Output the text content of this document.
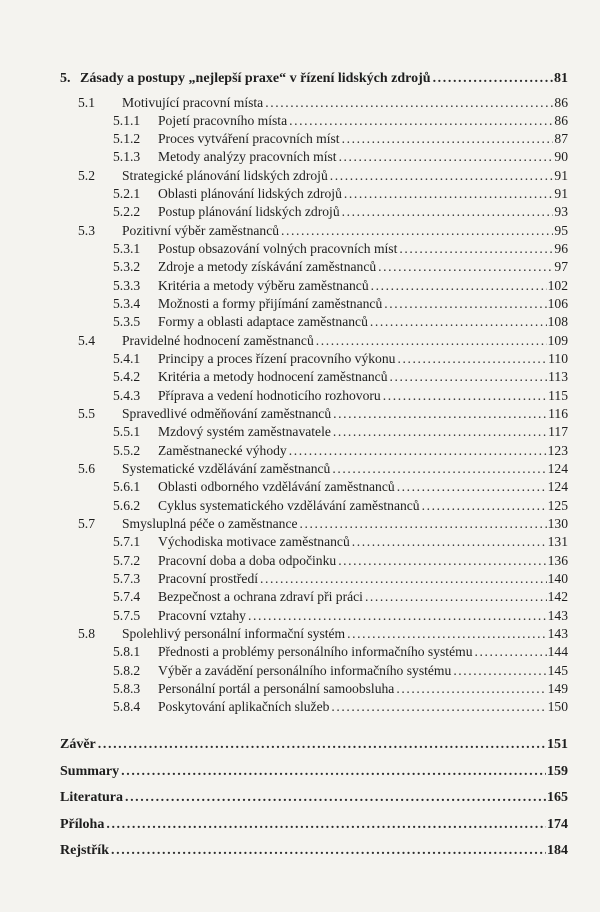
5. Zásady a postupy „nejlepší praxe“ v řízení lidských zdrojů .....	81
5.1	Motivující pracovní místa .....	86
5.1.1	Pojetí pracovního místa .....	86
5.1.2	Proces vytváření pracovních míst .....	87
5.1.3	Metody analýzy pracovních míst .....	90
5.2	Strategické plánování lidských zdrojů .....	91
5.2.1	Oblasti plánování lidských zdrojů .....	91
5.2.2	Postup plánování lidských zdrojů .....	93
5.3	Pozitivní výběr zaměstnanců .....	95
5.3.1	Postup obsazování volných pracovních míst .....	96
5.3.2	Zdroje a metody získávání zaměstnanců .....	97
5.3.3	Kritéria a metody výběru zaměstnanců .....	102
5.3.4	Možnosti a formy přijímání zaměstnanců .....	106
5.3.5	Formy a oblasti adaptace zaměstnanců .....	108
5.4	Pravidelné hodnocení zaměstnanců .....	109
5.4.1	Principy a proces řízení pracovního výkonu .....	110
5.4.2	Kritéria a metody hodnocení zaměstnanců .....	113
5.4.3	Příprava a vedení hodnoticího rozhovoru .....	115
5.5	Spravedlivé odměňování zaměstnanců .....	116
5.5.1	Mzdový systém zaměstnavatele .....	117
5.5.2	Zaměstnanecké výhody .....	123
5.6	Systematické vzdělávání zaměstnanců .....	124
5.6.1	Oblasti odborného vzdělávání zaměstnanců .....	124
5.6.2	Cyklus systematického vzdělávání zaměstnanců .....	125
5.7	Smysluplná péče o zaměstnance .....	130
5.7.1	Východiska motivace zaměstnanců .....	131
5.7.2	Pracovní doba a doba odpočinku .....	136
5.7.3	Pracovní prostředí .....	140
5.7.4	Bezpečnost a ochrana zdraví při práci .....	142
5.7.5	Pracovní vztahy .....	143
5.8	Spolehlivý personální informační systém .....	143
5.8.1	Přednosti a problémy personálního informačního systému .....	144
5.8.2	Výběr a zavádění personálního informačního systému .....	145
5.8.3	Personální portál a personální samoobsluha .....	149
5.8.4	Poskytování aplikačních služeb .....	150
Závěr .....	151
Summary .....	159
Literatura .....	165
Příloha .....	174
Rejstřík .....	184
